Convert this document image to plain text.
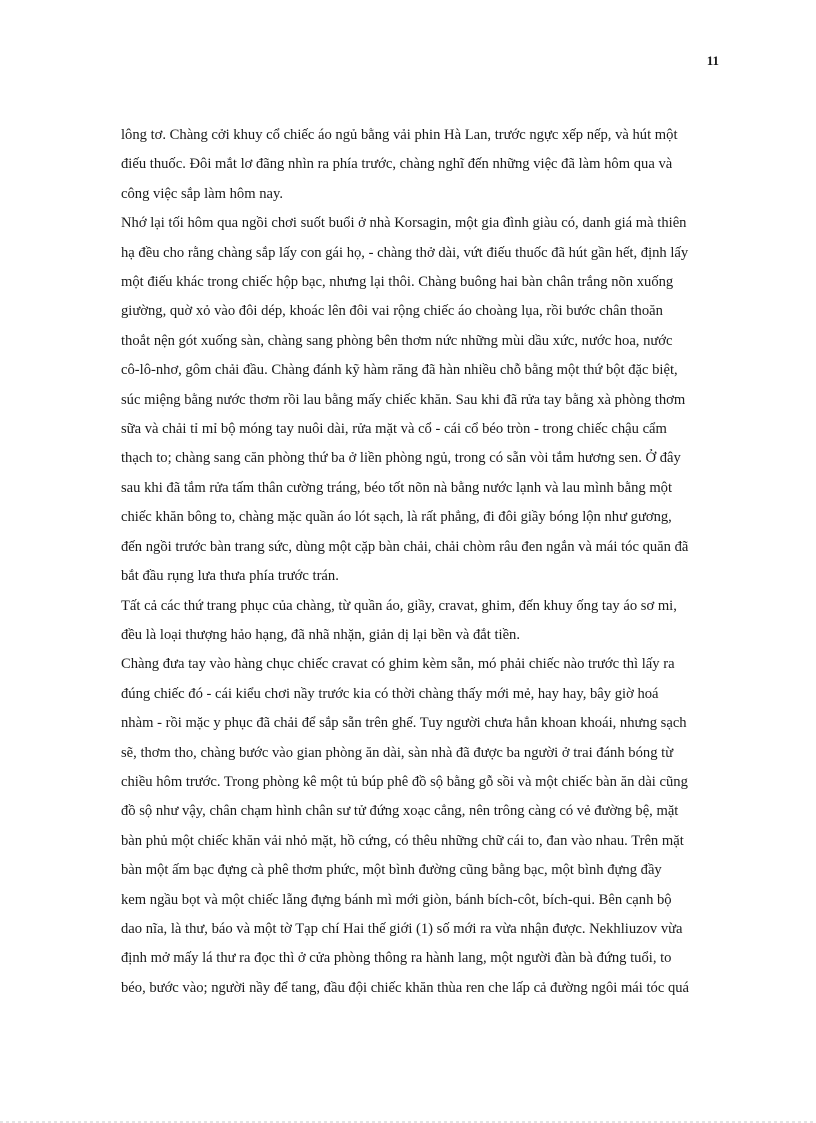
11
lông tơ. Chàng cởi khuy cổ chiếc áo ngủ bằng vải phin Hà Lan, trước ngực xếp nếp, và hút một
điếu thuốc. Đôi mắt lơ đãng nhìn ra phía trước, chàng nghĩ đến những việc đã làm hôm qua và
công việc sắp làm hôm nay.
Nhớ lại tối hôm qua ngồi chơi suốt buổi ở nhà Korsagin, một gia đình giàu có, danh giá mà thiên
hạ đều cho rằng chàng sắp lấy con gái họ, - chàng thở dài, vứt điếu thuốc đã hút gần hết, định lấy
một điếu khác trong chiếc hộp bạc, nhưng lại thôi. Chàng buông hai bàn chân trắng nõn xuống
giường, quờ xỏ vào đôi dép, khoác lên đôi vai rộng chiếc áo choàng lụa, rồi bước chân thoăn
thoắt nện gót xuống sàn, chàng sang phòng bên thơm nức những mùi dầu xức, nước hoa, nước
cô-lô-nhơ, gôm chải đầu. Chàng đánh kỹ hàm răng đã hàn nhiều chỗ bằng một thứ bột đặc biệt,
súc miệng bằng nước thơm rồi lau bằng mấy chiếc khăn. Sau khi đã rửa tay bằng xà phòng thơm
sữa và chải tỉ mỉ bộ móng tay nuôi dài, rửa mặt và cổ - cái cổ béo tròn - trong chiếc chậu cẩm
thạch to; chàng sang căn phòng thứ ba ở liền phòng ngủ, trong có sẵn vòi tắm hương sen. Ở đây
sau khi đã tắm rửa tấm thân cường tráng, béo tốt nõn nà bằng nước lạnh và lau mình bằng một
chiếc khăn bông to, chàng mặc quần áo lót sạch, là rất phẳng, đi đôi giầy bóng lộn như gương,
đến ngồi trước bàn trang sức, dùng một cặp bàn chải, chải chòm râu đen ngắn và mái tóc quăn đã
bắt đầu rụng lưa thưa phía trước trán.
Tất cả các thứ trang phục của chàng, từ quần áo, giầy, cravat, ghim, đến khuy ống tay áo sơ mi,
đều là loại thượng hảo hạng, đã nhã nhặn, giản dị lại bền và đắt tiền.
Chàng đưa tay vào hàng chục chiếc cravat có ghim kèm sẵn, mó phải chiếc nào trước thì lấy ra
đúng chiếc đó - cái kiểu chơi nầy trước kia có thời chàng thấy mới mẻ, hay hay, bây giờ hoá
nhàm - rồi mặc y phục đã chải để sắp sẵn trên ghế. Tuy người chưa hẳn khoan khoái, nhưng sạch
sẽ, thơm tho, chàng bước vào gian phòng ăn dài, sàn nhà đã được ba người ở trai đánh bóng từ
chiều hôm trước. Trong phòng kê một tủ búp phê đồ sộ bằng gỗ sồi và một chiếc bàn ăn dài cũng
đồ sộ như vậy, chân chạm hình chân sư tử đứng xoạc cẳng, nên trông càng có vẻ đường bệ, mặt
bàn phủ một chiếc khăn vải nhỏ mặt, hồ cứng, có thêu những chữ cái to, đan vào nhau. Trên mặt
bàn một ấm bạc đựng cà phê thơm phức, một bình đường cũng bằng bạc, một bình đựng đầy
kem ngầu bọt và một chiếc lẵng đựng bánh mì mới giòn, bánh bích-côt, bích-qui. Bên cạnh bộ
dao nĩa, là thư, báo và một tờ Tạp chí Hai thế giới (1) số mới ra vừa nhận được. Nekhliuzov vừa
định mở mấy lá thư ra đọc thì ở cửa phòng thông ra hành lang, một người đàn bà đứng tuổi, to
béo, bước vào; người nầy để tang, đầu đội chiếc khăn thùa ren che lấp cả đường ngôi mái tóc quá
